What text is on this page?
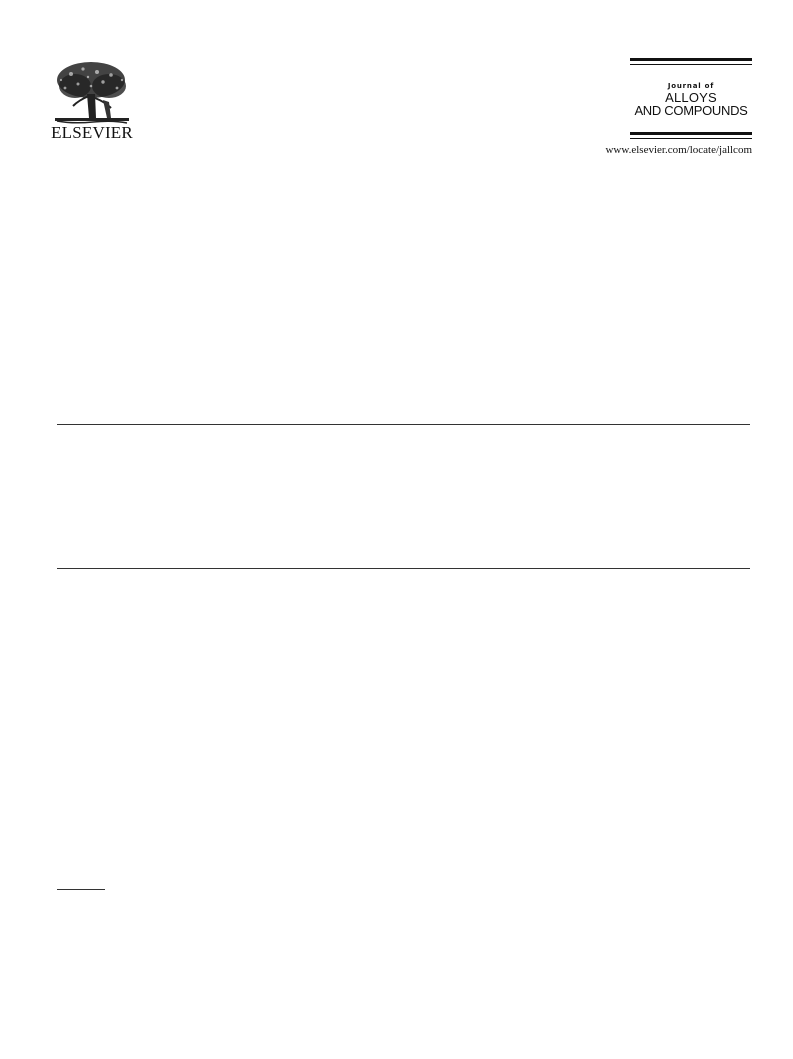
ELSEVIER
Journal of
ALLOYS
AND COMPOUNDS
www.elsevier.com/locate/jallcom
